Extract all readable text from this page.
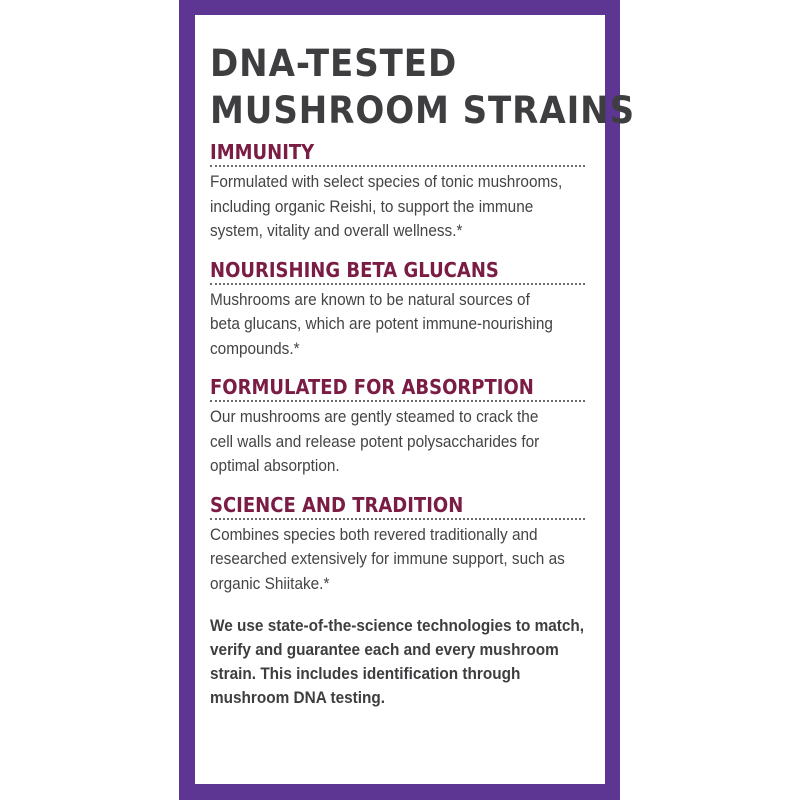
DNA-TESTED
MUSHROOM STRAINS
IMMUNITY
Formulated with select species of tonic mushrooms,
including organic Reishi, to support the immune
system, vitality and overall wellness.*
NOURISHING BETA GLUCANS
Mushrooms are known to be natural sources of
beta glucans, which are potent immune-nourishing
compounds.*
FORMULATED FOR ABSORPTION
Our mushrooms are gently steamed to crack the
cell walls and release potent polysaccharides for
optimal absorption.
SCIENCE AND TRADITION
Combines species both revered traditionally and
researched extensively for immune support, such as
organic Shiitake.*
We use state-of-the-science technologies to match,
verify and guarantee each and every mushroom
strain. This includes identification through
mushroom DNA testing.
